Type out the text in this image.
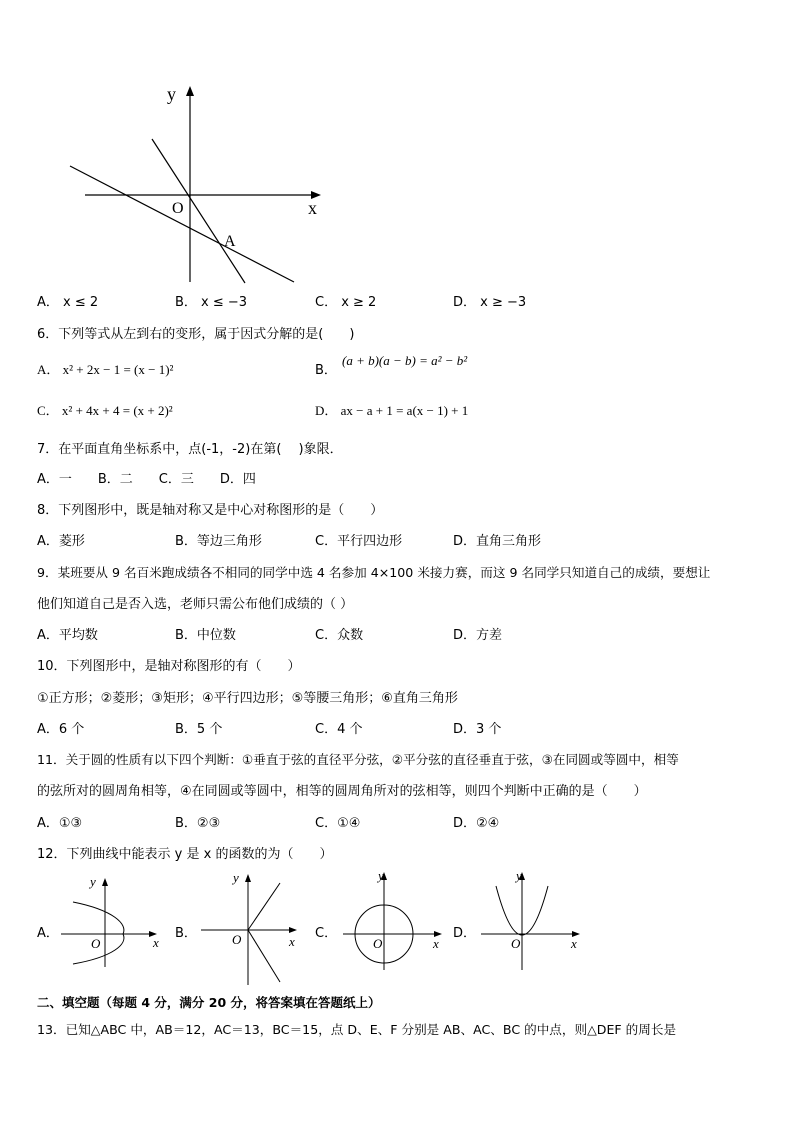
y
x
O
A
A． x ≤ 2	B． x ≤ −3	C． x ≥ 2	D． x ≥ −3
6．下列等式从左到右的变形，属于因式分解的是(　　)
A． x² + 2x − 1 = (x − 1)²	B．
(a + b)(a − b) = a² − b²
C． x² + 4x + 4 = (x + 2)²	D． ax − a + 1 = a(x − 1) + 1
7．在平面直角坐标系中，点(-1，-2)在第(　 )象限．
A．一　　B．二　　C．三　　D．四
8．下列图形中，既是轴对称又是中心对称图形的是（　　）
A．菱形	B．等边三角形	C．平行四边形	D．直角三角形
9．某班要从 9 名百米跑成绩各不相同的同学中选 4 名参加 4×100 米接力赛，而这 9 名同学只知道自己的成绩，要想让
他们知道自己是否入选，老师只需公布他们成绩的（ ）
A．平均数	B．中位数	C．众数	D．方差
10．下列图形中，是轴对称图形的有（　　）
①正方形；②菱形；③矩形；④平行四边形；⑤等腰三角形；⑥直角三角形
A．6 个	B．5 个	C．4 个	D．3 个
11．关于圆的性质有以下四个判断：①垂直于弦的直径平分弦，②平分弦的直径垂直于弦，③在同圆或等圆中，相等
的弦所对的圆周角相等，④在同圆或等圆中，相等的圆周角所对的弦相等，则四个判断中正确的是（　　）
A．①③	B．②③	C．①④	D．②④
12．下列曲线中能表示 y 是 x 的函数的为（　　）
A．
y
x
O
B．
y
x
O	C．
y
x
O
D．
y
x
O
二、填空题（每题 4 分，满分 20 分，将答案填在答题纸上）
13．已知△ABC 中，AB＝12，AC＝13，BC＝15，点 D、E、F 分别是 AB、AC、BC 的中点，则△DEF 的周长是
